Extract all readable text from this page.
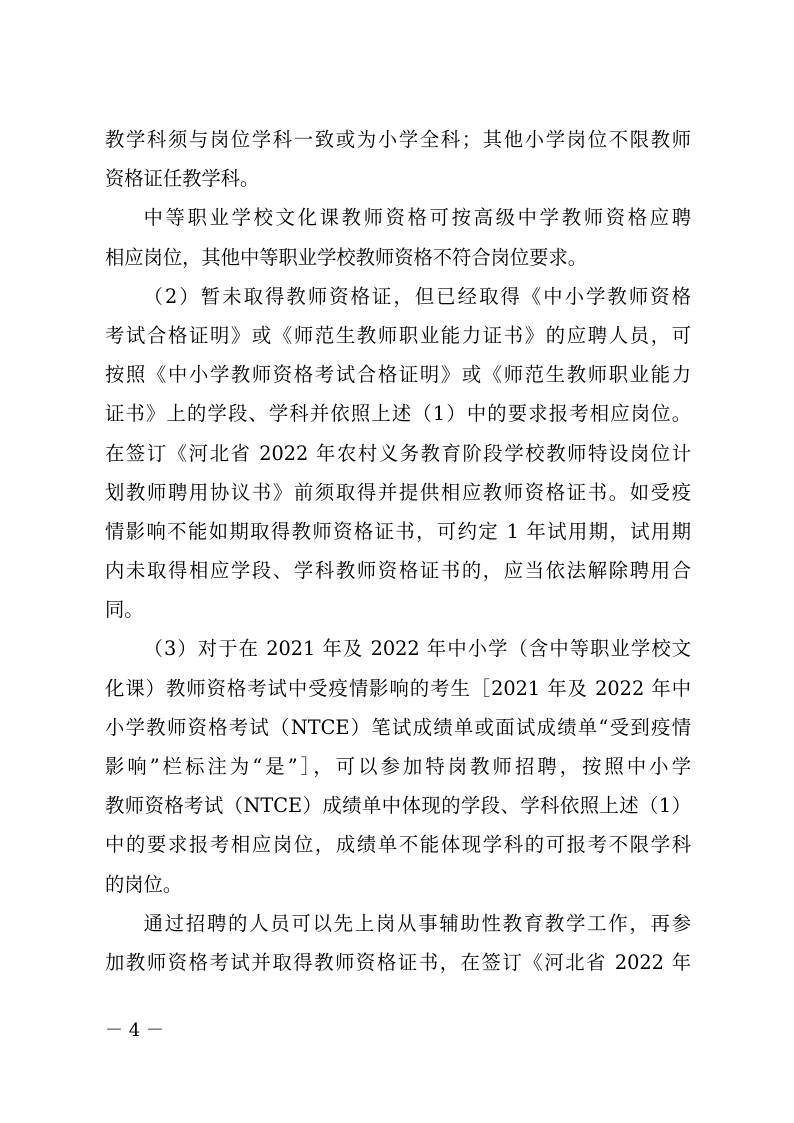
教学科须与岗位学科一致或为小学全科；其他小学岗位不限教师
资格证任教学科。
中等职业学校文化课教师资格可按高级中学教师资格应聘
相应岗位，其他中等职业学校教师资格不符合岗位要求。
（2）暂未取得教师资格证，但已经取得《中小学教师资格
考试合格证明》或《师范生教师职业能力证书》的应聘人员，可
按照《中小学教师资格考试合格证明》或《师范生教师职业能力
证书》上的学段、学科并依照上述（1）中的要求报考相应岗位。
在签订《河北省 2022 年农村义务教育阶段学校教师特设岗位计
划教师聘用协议书》前须取得并提供相应教师资格证书。如受疫
情影响不能如期取得教师资格证书，可约定 1 年试用期，试用期
内未取得相应学段、学科教师资格证书的，应当依法解除聘用合
同。
（3）对于在 2021 年及 2022 年中小学（含中等职业学校文
化课）教师资格考试中受疫情影响的考生［2021 年及 2022 年中
小学教师资格考试（NTCE）笔试成绩单或面试成绩单“受到疫情
影响”栏标注为“是”］，可以参加特岗教师招聘，按照中小学
教师资格考试（NTCE）成绩单中体现的学段、学科依照上述（1）
中的要求报考相应岗位，成绩单不能体现学科的可报考不限学科
的岗位。
通过招聘的人员可以先上岗从事辅助性教育教学工作，再参
加教师资格考试并取得教师资格证书，在签订《河北省 2022 年
－ 4 －
